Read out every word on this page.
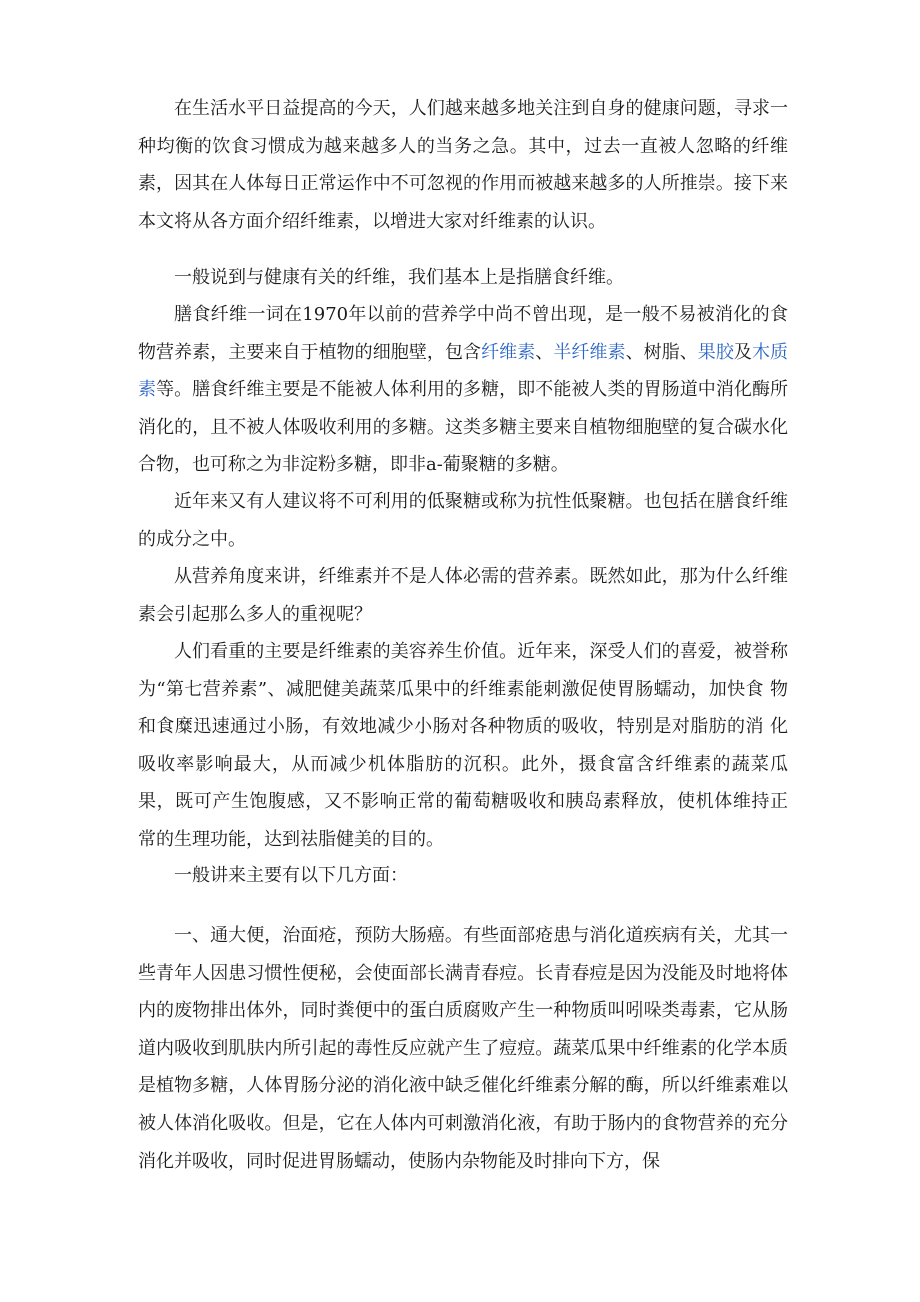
在生活水平日益提高的今天，人们越来越多地关注到自身的健康问题，寻求一种均衡的饮食习惯成为越来越多人的当务之急。其中，过去一直被人忽略的纤维素，因其在人体每日正常运作中不可忽视的作用而被越来越多的人所推崇。接下来本文将从各方面介绍纤维素，以增进大家对纤维素的认识。

一般说到与健康有关的纤维，我们基本上是指膳食纤维。

膳食纤维一词在1970年以前的营养学中尚不曾出现，是一般不易被消化的食物营养素，主要来自于植物的细胞壁，包含纤维素、半纤维素、树脂、果胶及木质素等。膳食纤维主要是不能被人体利用的多糖，即不能被人类的胃肠道中消化酶所消化的，且不被人体吸收利用的多糖。这类多糖主要来自植物细胞壁的复合碳水化合物，也可称之为非淀粉多糖，即非a-葡聚糖的多糖。

近年来又有人建议将不可利用的低聚糖或称为抗性低聚糖。也包括在膳食纤维的成分之中。

从营养角度来讲，纤维素并不是人体必需的营养素。既然如此，那为什么纤维素会引起那么多人的重视呢？

人们看重的主要是纤维素的美容养生价值。近年来，深受人们的喜爱，被誉称为“第七营养素”、减肥健美蔬菜瓜果中的纤维素能刺激促使胃肠蠕动，加快食 物和食糜迅速通过小肠，有效地减少小肠对各种物质的吸收，特别是对脂肪的消 化吸收率影响最大，从而减少机体脂肪的沉积。此外，摄食富含纤维素的蔬菜瓜 果，既可产生饱腹感，又不影响正常的葡萄糖吸收和胰岛素释放，使机体维持正 常的生理功能，达到祛脂健美的目的。

一般讲来主要有以下几方面：

一、通大便，治面疮，预防大肠癌。有些面部疮患与消化道疾病有关，尤其一些青年人因患习惯性便秘，会使面部长满青春痘。长青春痘是因为没能及时地将体内的废物排出体外，同时粪便中的蛋白质腐败产生一种物质叫吲哚类毒素，它从肠道内吸收到肌肤内所引起的毒性反应就产生了痘痘。蔬菜瓜果中纤维素的化学本质是植物多糖，人体胃肠分泌的消化液中缺乏催化纤维素分解的酶，所以纤维素难以被人体消化吸收。但是，它在人体内可刺激消化液，有助于肠内的食物营养的充分消化并吸收，同时促进胃肠蠕动，使肠内杂物能及时排向下方，保
